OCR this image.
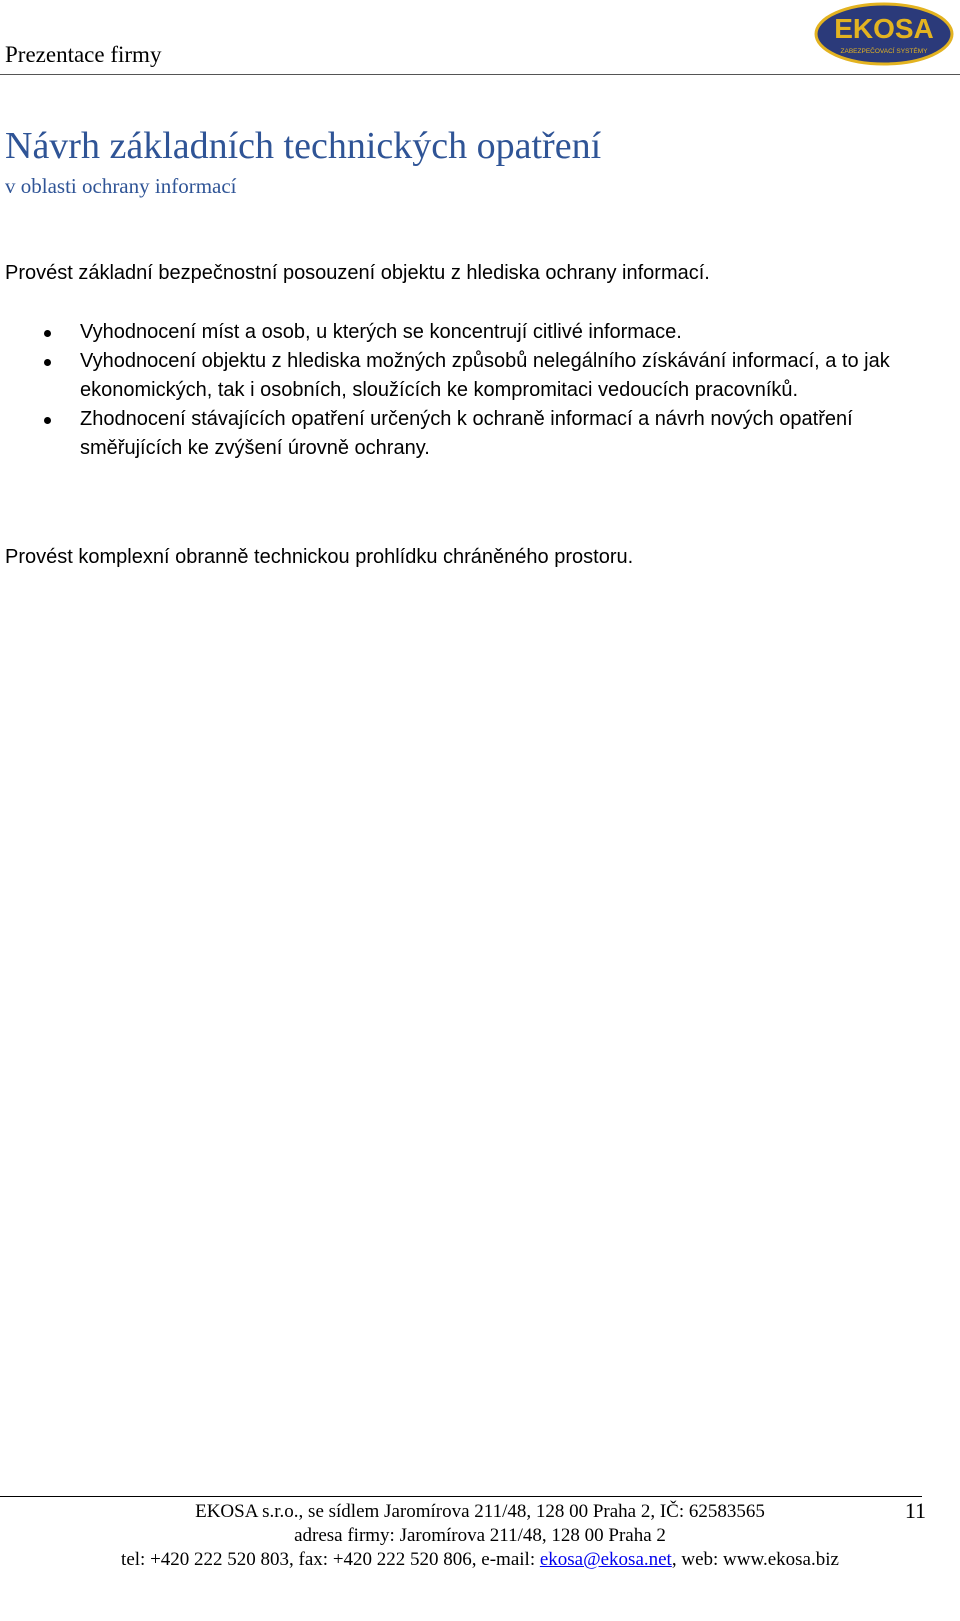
Prezentace firmy
EKOSA
ZABEZPEČOVACÍ SYSTÉMY
Návrh základních technických opatření
v oblasti ochrany informací
Provést základní bezpečnostní posouzení objektu z hlediska ochrany informací.
Vyhodnocení míst a osob, u kterých se koncentrují citlivé informace.
Vyhodnocení objektu z hlediska možných způsobů nelegálního získávání informací, a to jak ekonomických, tak i osobních, sloužících ke kompromitaci vedoucích pracovníků.
Zhodnocení stávajících opatření určených k ochraně informací a návrh nových opatření směřujících ke zvýšení úrovně ochrany.
Provést komplexní obranně technickou prohlídku chráněného prostoru.
EKOSA s.r.o., se sídlem Jaromírova 211/48, 128 00 Praha 2, IČ: 62583565
adresa firmy: Jaromírova 211/48, 128 00 Praha 2
tel: +420 222 520 803, fax: +420 222 520 806, e-mail: ekosa@ekosa.net, web: www.ekosa.biz
11
